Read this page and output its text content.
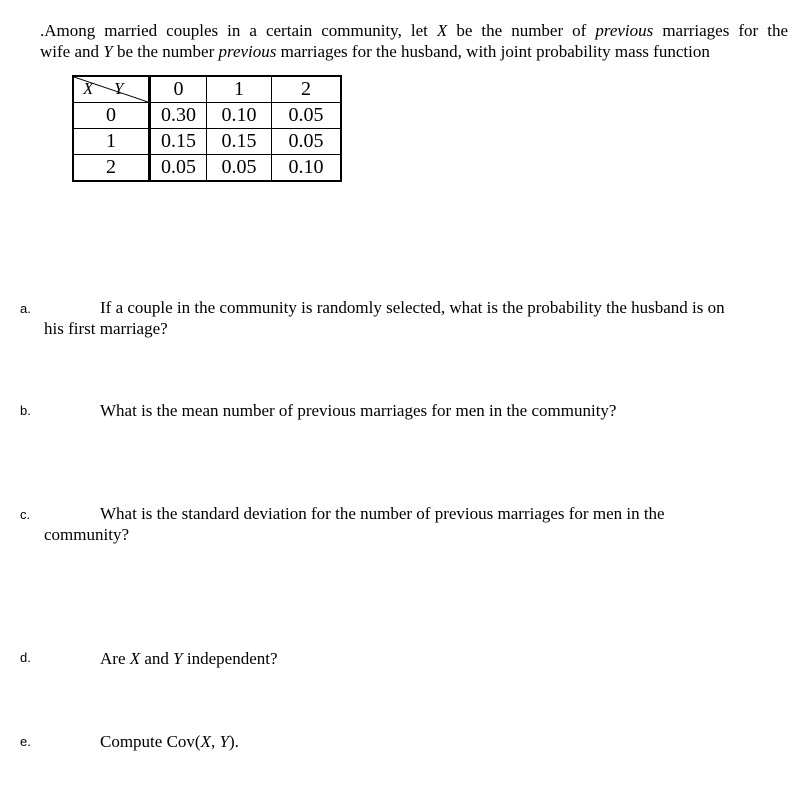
.Among married couples in a certain community, let X be the number of previous marriages for the
wife and Y be the number previous marriages for the husband, with joint probability mass function
X Y	0	1	2
0	0.30	0.10	0.05
1	0.15	0.15	0.05
2	0.05	0.05	0.10
a.	If a couple in the community is randomly selected, what is the probability the husband is on
his first marriage?
b.	What is the mean number of previous marriages for men in the community?
c.	What is the standard deviation for the number of previous marriages for men in the
community?
d.	Are X and Y independent?
e.	Compute Cov(X, Y).
